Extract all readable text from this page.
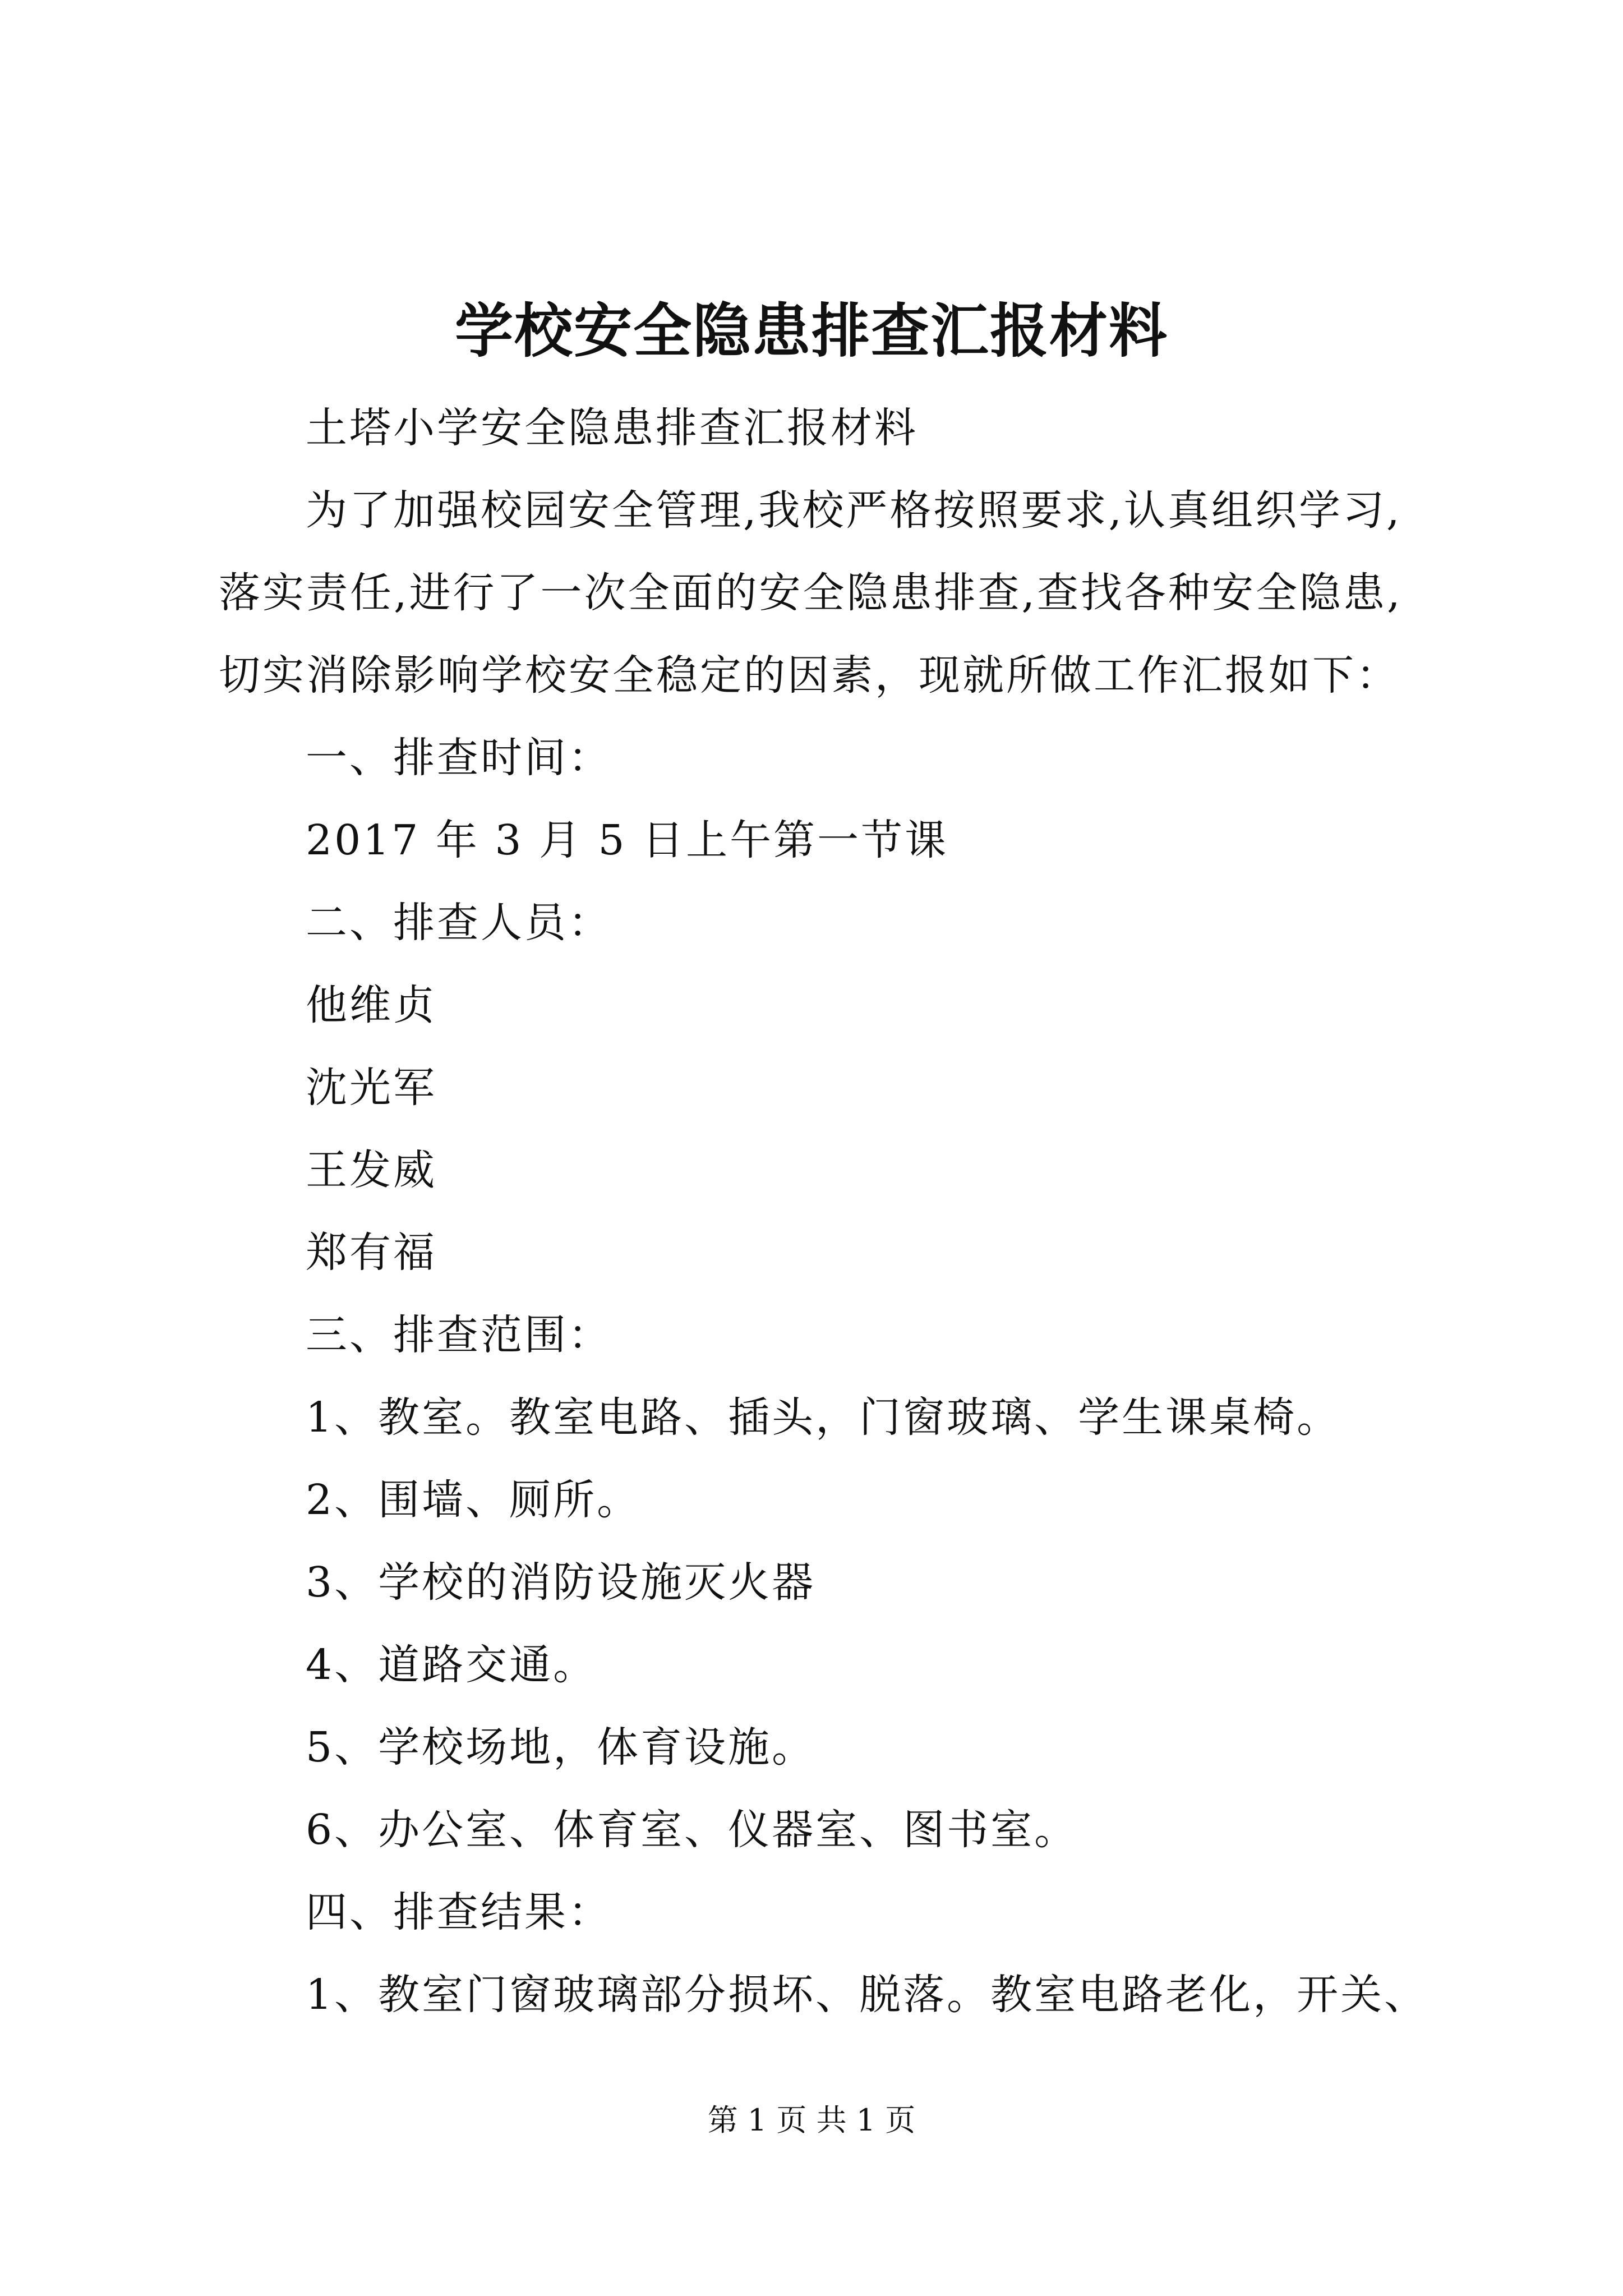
学校安全隐患排查汇报材料
土塔小学安全隐患排查汇报材料
为了加强校园安全管理,我校严格按照要求,认真组织学习,
落实责任,进行了一次全面的安全隐患排查,查找各种安全隐患,
切实消除影响学校安全稳定的因素，现就所做工作汇报如下：
一、排查时间：
2017 年 3 月 5 日上午第一节课
二、排查人员：
他维贞
沈光军
王发威
郑有福
三、排查范围：
1、教室。教室电路、插头，门窗玻璃、学生课桌椅。
2、围墙、厕所。
3、学校的消防设施灭火器
4、道路交通。
5、学校场地，体育设施。
6、办公室、体育室、仪器室、图书室。
四、排查结果：
1、教室门窗玻璃部分损坏、脱落。教室电路老化，开关、
第 1 页 共 1 页
